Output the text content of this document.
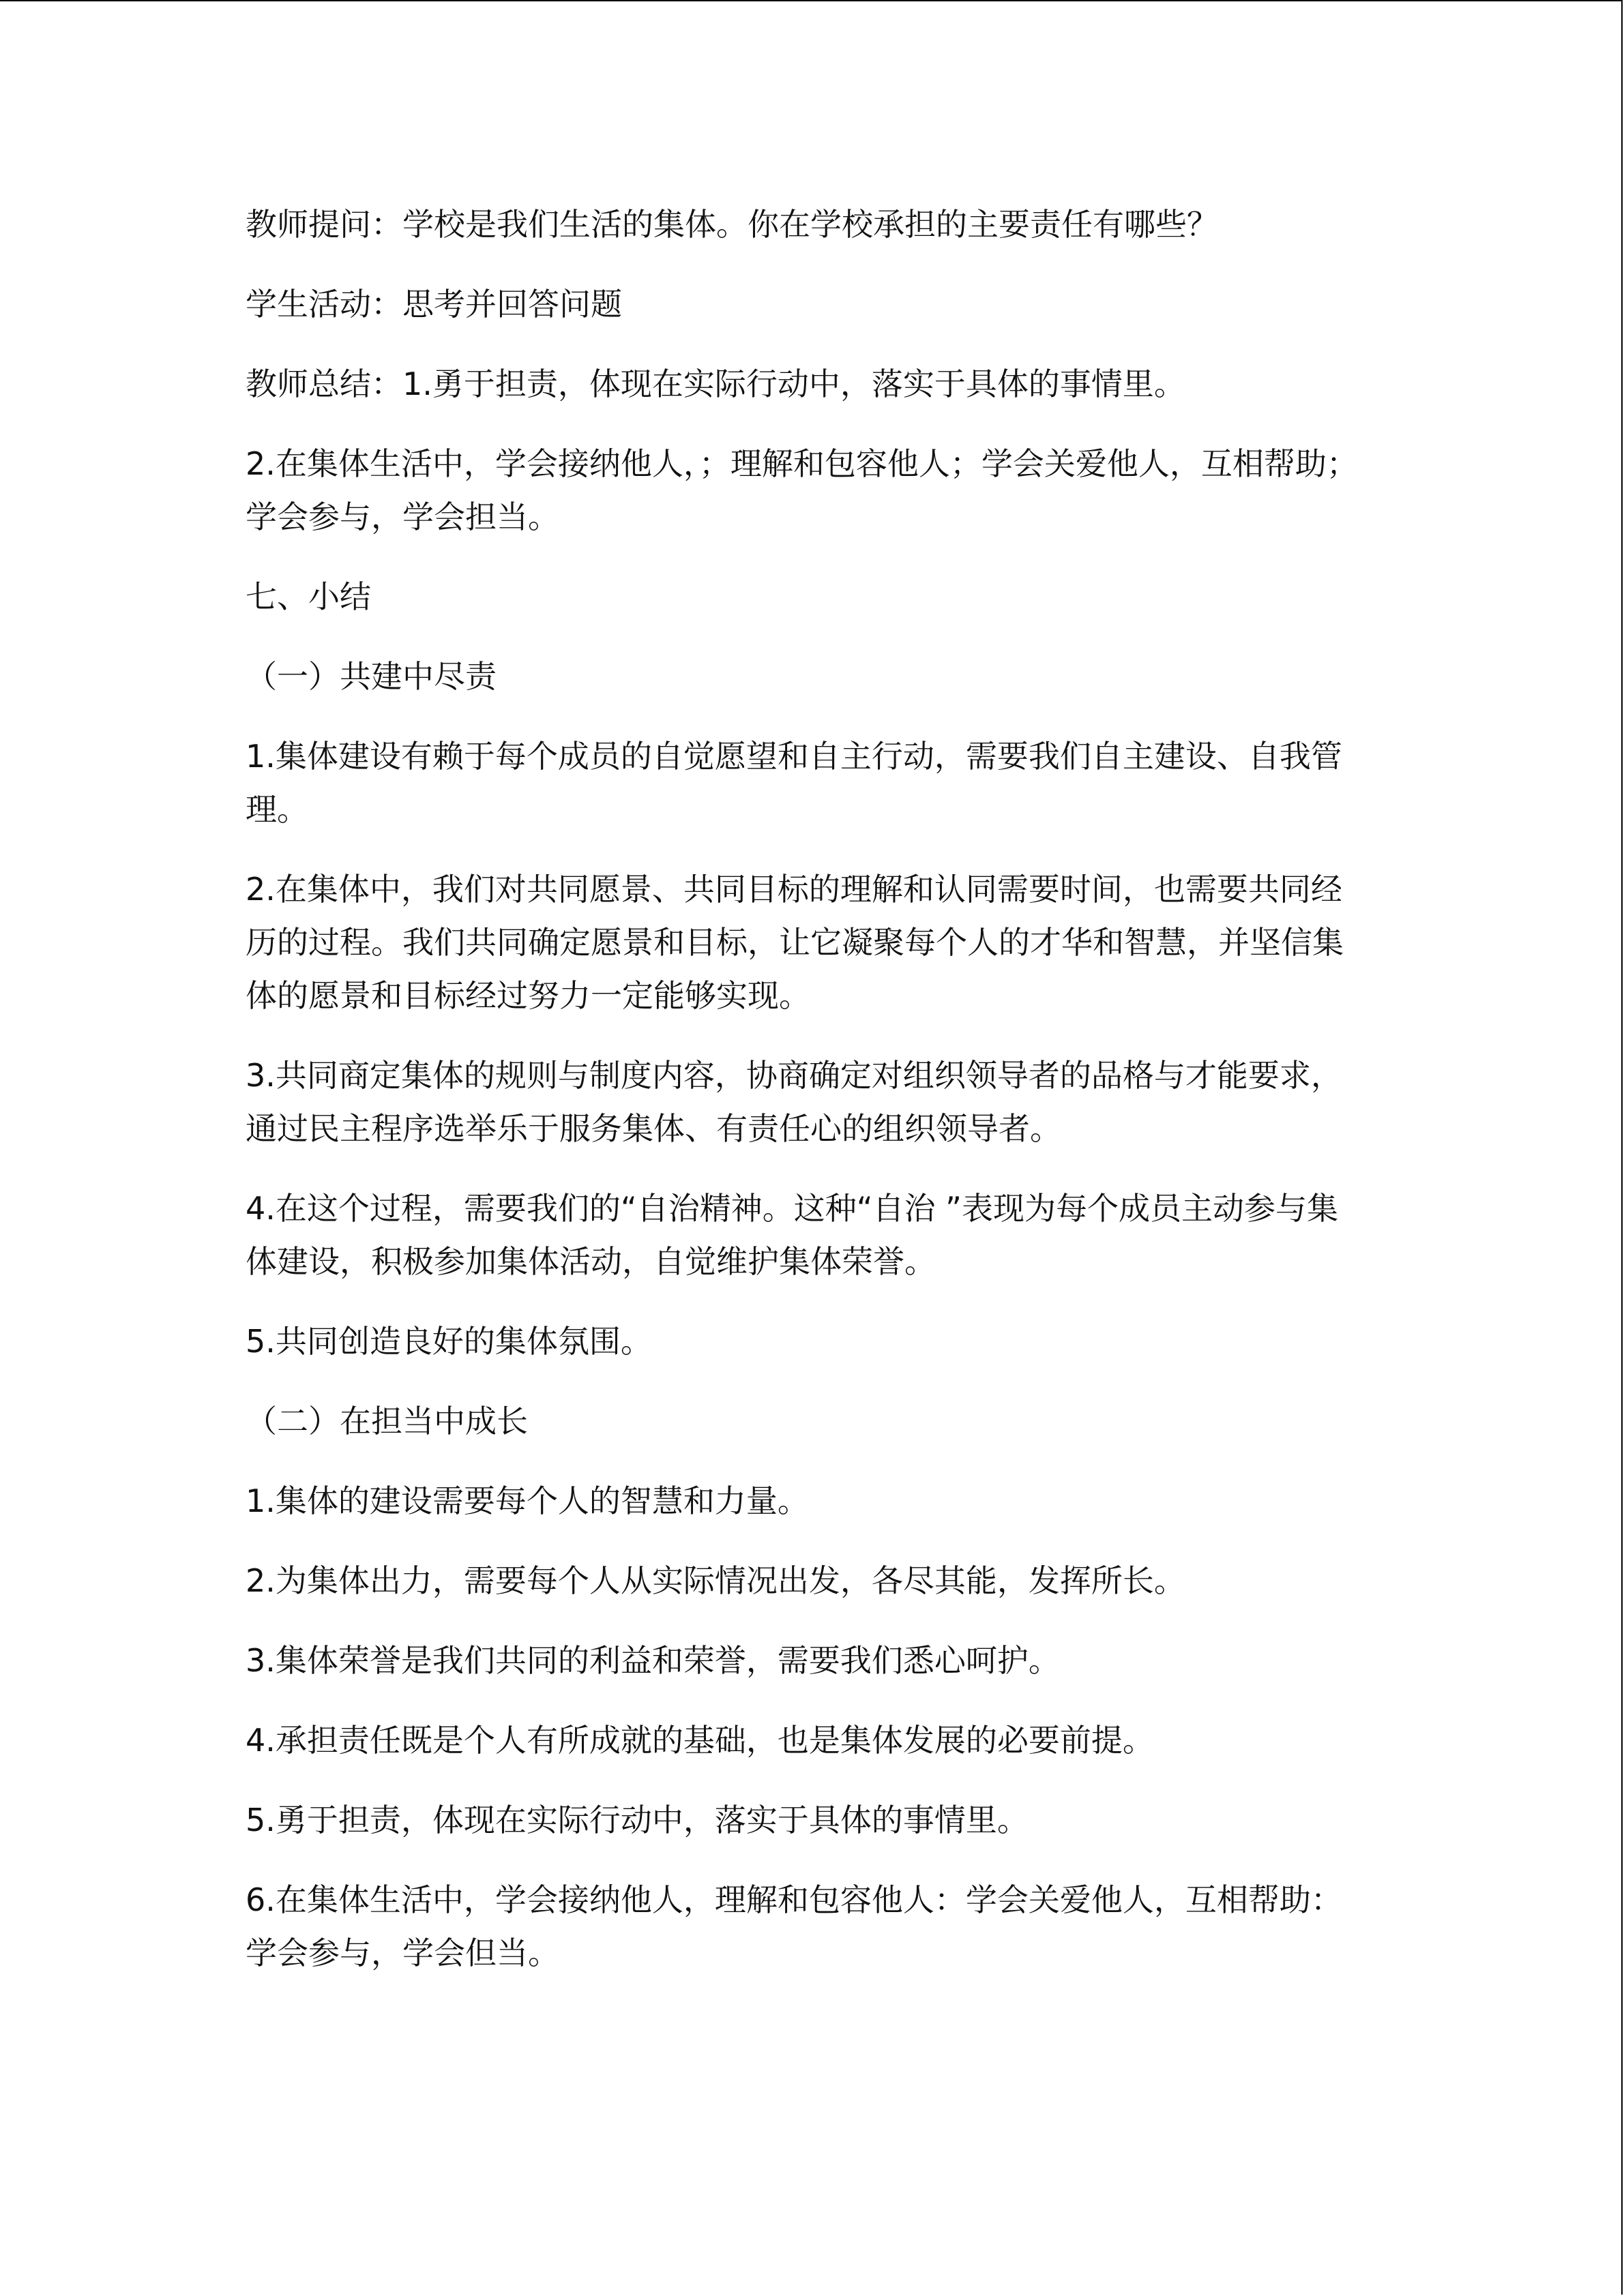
教师提问：学校是我们生活的集体。你在学校承担的主要责任有哪些？

学生活动：思考并回答问题

教师总结：1.勇于担责，体现在实际行动中，落实于具体的事情里。

2.在集体生活中，学会接纳他人，；理解和包容他人；学会关爱他人，互相帮助；学会参与，学会担当。

七、小结

（一）共建中尽责

1.集体建设有赖于每个成员的自觉愿望和自主行动，需要我们自主建设、自我管理。

2.在集体中，我们对共同愿景、共同目标的理解和认同需要时间，也需要共同经历的过程。我们共同确定愿景和目标，让它凝聚每个人的才华和智慧，并坚信集体的愿景和目标经过努力一定能够实现。

3.共同商定集体的规则与制度内容，协商确定对组织领导者的品格与才能要求，通过民主程序选举乐于服务集体、有责任心的组织领导者。

4.在这个过程，需要我们的“自治精神。这种“自治 ”表现为每个成员主动参与集体建设，积极参加集体活动，自觉维护集体荣誉。

5.共同创造良好的集体氛围。

（二）在担当中成长

1.集体的建设需要每个人的智慧和力量。

2.为集体出力，需要每个人从实际情况出发，各尽其能，发挥所长。

3.集体荣誉是我们共同的利益和荣誉，需要我们悉心呵护。

4.承担责任既是个人有所成就的基础，也是集体发展的必要前提。

5.勇于担责，体现在实际行动中，落实于具体的事情里。

6.在集体生活中，学会接纳他人，理解和包容他人：学会关爱他人，互相帮助：学会参与，学会但当。
